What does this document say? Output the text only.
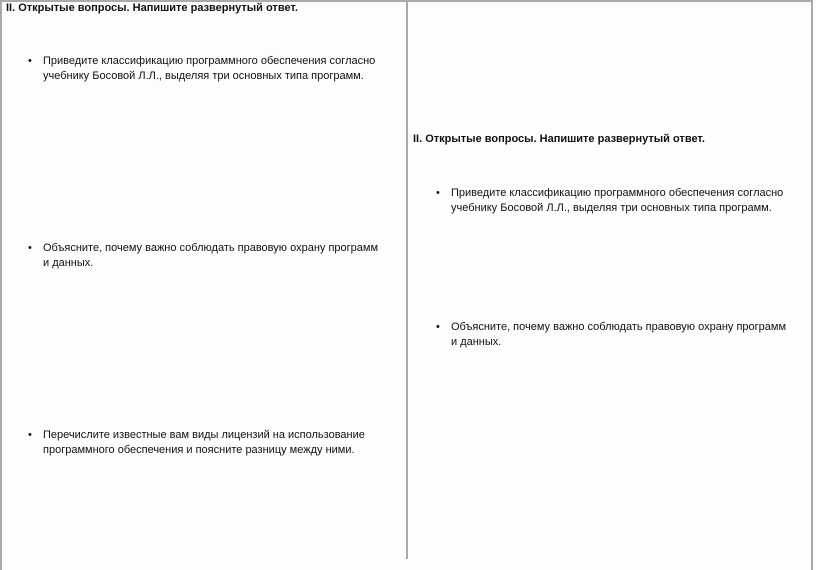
II. Открытые вопросы. Напишите развернутый ответ.
• Приведите классификацию программного обеспечения согласно учебнику Босовой Л.Л., выделяя три основных типа программ.
• Объясните, почему важно соблюдать правовую охрану программ и данных.
• Перечислите известные вам виды лицензий на использование программного обеспечения и поясните разницу между ними.
II. Открытые вопросы. Напишите развернутый ответ.
• Приведите классификацию программного обеспечения согласно учебнику Босовой Л.Л., выделяя три основных типа программ.
• Объясните, почему важно соблюдать правовую охрану программ и данных.
